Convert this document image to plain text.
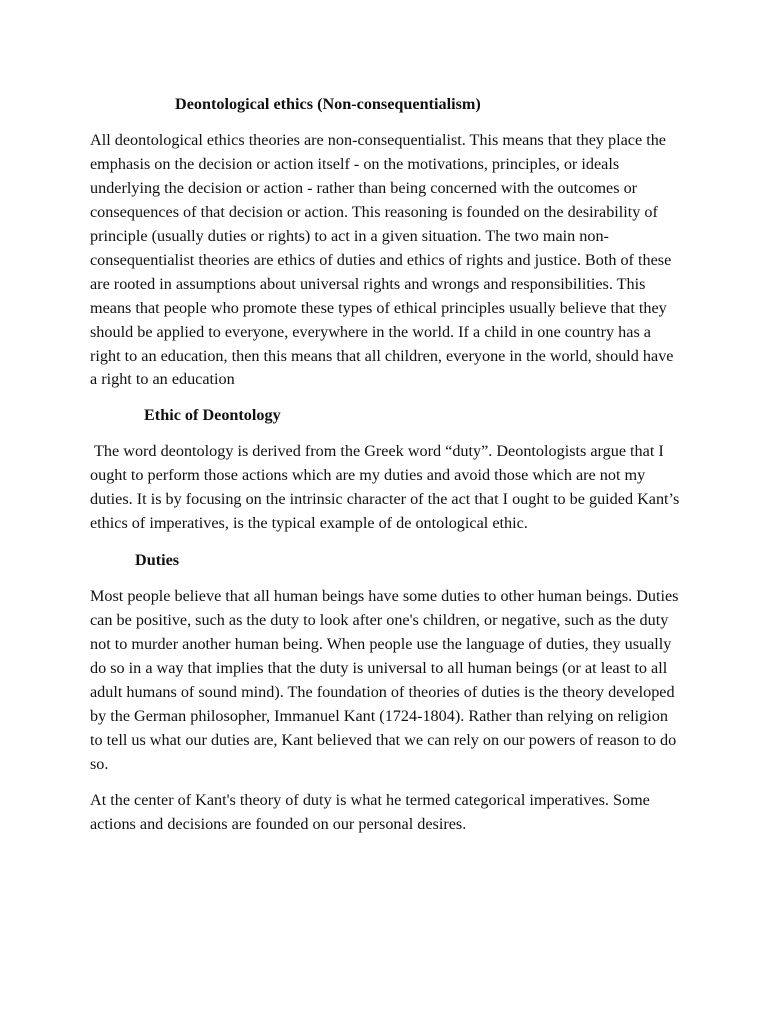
Deontological ethics (Non-consequentialism)

All deontological ethics theories are non-consequentialist. This means that they place the emphasis on the decision or action itself - on the motivations, principles, or ideals underlying the decision or action - rather than being concerned with the outcomes or consequences of that decision or action. This reasoning is founded on the desirability of principle (usually duties or rights) to act in a given situation. The two main non-consequentialist theories are ethics of duties and ethics of rights and justice. Both of these are rooted in assumptions about universal rights and wrongs and responsibilities. This means that people who promote these types of ethical principles usually believe that they should be applied to everyone, everywhere in the world. If a child in one country has a right to an education, then this means that all children, everyone in the world, should have a right to an education

Ethic of Deontology

The word deontology is derived from the Greek word “duty”. Deontologists argue that I ought to perform those actions which are my duties and avoid those which are not my duties. It is by focusing on the intrinsic character of the act that I ought to be guided Kant’s ethics of imperatives, is the typical example of de ontological ethic.

Duties

Most people believe that all human beings have some duties to other human beings. Duties can be positive, such as the duty to look after one's children, or negative, such as the duty not to murder another human being. When people use the language of duties, they usually do so in a way that implies that the duty is universal to all human beings (or at least to all adult humans of sound mind). The foundation of theories of duties is the theory developed by the German philosopher, Immanuel Kant (1724-1804). Rather than relying on religion to tell us what our duties are, Kant believed that we can rely on our powers of reason to do so.

At the center of Kant's theory of duty is what he termed categorical imperatives. Some actions and decisions are founded on our personal desires.
